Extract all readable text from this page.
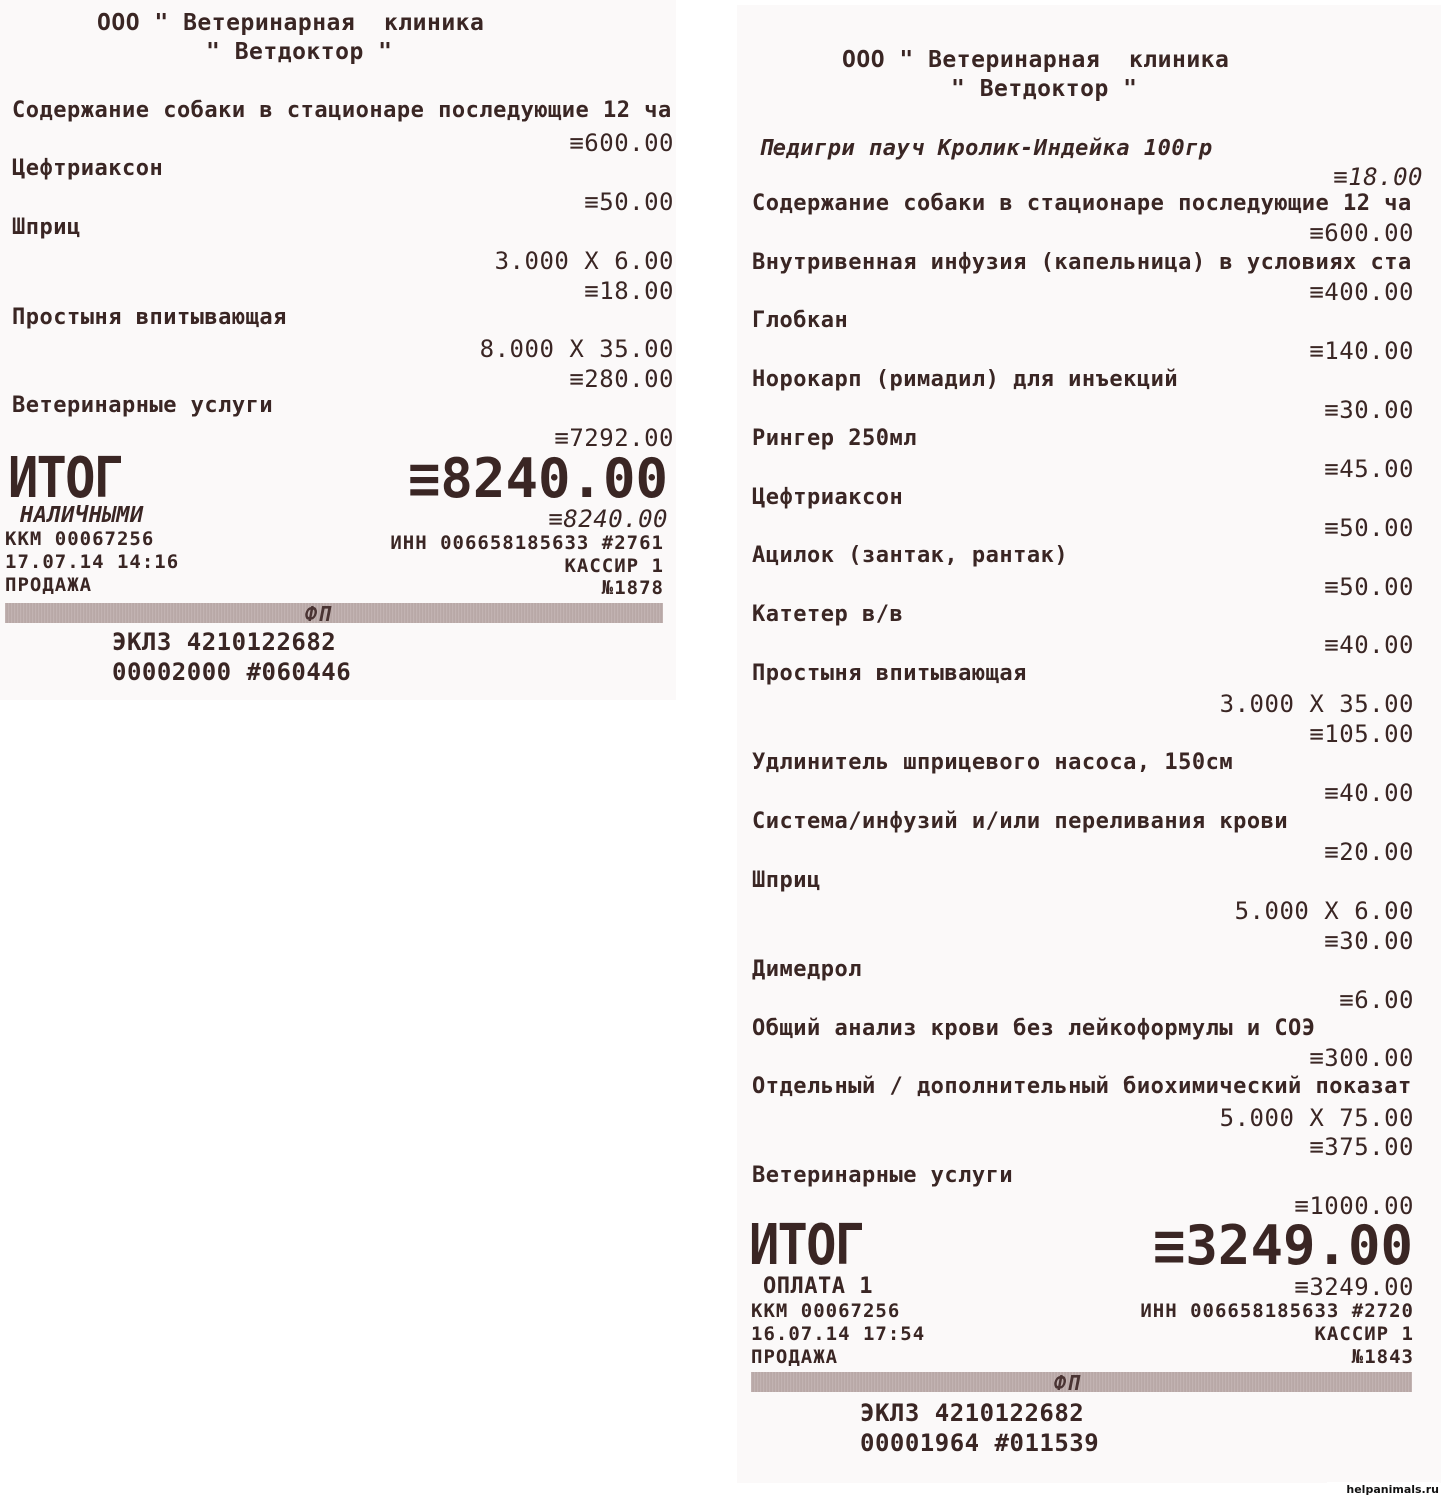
ООО " Ветеринарная  клиника
" Ветдоктор "
Содержание собаки в стационаре последующие 12 ча
≡600.00
Цефтриаксон
≡50.00
Шприц
3.000 X 6.00
≡18.00
Простыня впитывающая
8.000 X 35.00
≡280.00
Ветеринарные услуги
≡7292.00
ИТОГ	≡8240.00
НАЛИЧНЫМИ	≡8240.00
ККМ 00067256	ИНН 006658185633 #2761
17.07.14 14:16	КАССИР 1
ПРОДАЖА	№1878
ФП
ЭКЛЗ 4210122682
00002000 #060446
ООО " Ветеринарная  клиника
" Ветдоктор "
Педигри пауч Кролик-Индейка 100гр
≡18.00
Содержание собаки в стационаре последующие 12 ча
≡600.00
Внутривенная инфузия (капельница) в условиях ста
≡400.00
Глобкан
≡140.00
Норокарп (римадил) для инъекций
≡30.00
Рингер 250мл
≡45.00
Цефтриаксон
≡50.00
Ацилок (зантак, рантак)
≡50.00
Катетер в/в
≡40.00
Простыня впитывающая
3.000 X 35.00
≡105.00
Удлинитель шприцевого насоса, 150см
≡40.00
Система/инфузий и/или переливания крови
≡20.00
Шприц
5.000 X 6.00
≡30.00
Димедрол
≡6.00
Общий анализ крови без лейкоформулы и СОЭ
≡300.00
Отдельный / дополнительный биохимический показат
5.000 X 75.00
≡375.00
Ветеринарные услуги
≡1000.00
ИТОГ	≡3249.00
ОПЛАТА 1	≡3249.00
ККМ 00067256	ИНН 006658185633 #2720
16.07.14 17:54	КАССИР 1
ПРОДАЖА	№1843
ФП
ЭКЛЗ 4210122682
00001964 #011539
helpanimals.ru
